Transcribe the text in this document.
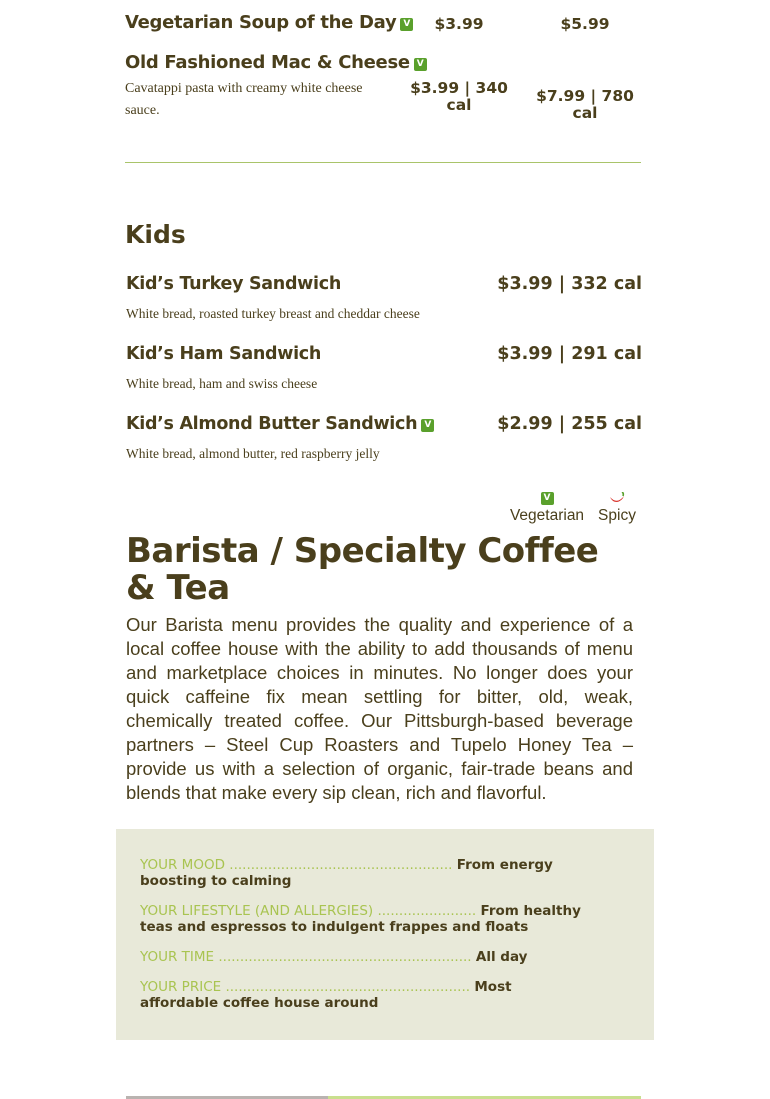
Vegetarian Soup of the Day V	$3.99	$5.99
Old Fashioned Mac & Cheese V
Cavatappi pasta with creamy white cheese sauce.
$3.99 | 340 cal	$7.99 | 780 cal
Kids
Kid’s Turkey Sandwich	$3.99 | 332 cal
White bread, roasted turkey breast and cheddar cheese
Kid’s Ham Sandwich	$3.99 | 291 cal
White bread, ham and swiss cheese
Kid’s Almond Butter Sandwich V	$2.99 | 255 cal
White bread, almond butter, red raspberry jelly
V
Vegetarian Spicy
Barista / Specialty Coffee & Tea
Our Barista menu provides the quality and experience of a local coffee house with the ability to add thousands of menu and marketplace choices in minutes. No longer does your quick caffeine fix mean settling for bitter, old, weak, chemically treated coffee. Our Pittsburgh-based beverage partners – Steel Cup Roasters and Tupelo Honey Tea – provide us with a selection of organic, fair-trade beans and blends that make every sip clean, rich and flavorful.
YOUR MOOD .................................................... From energy boosting to calming
YOUR LIFESTYLE (AND ALLERGIES) ....................... From healthy teas and espressos to indulgent frappes and floats
YOUR TIME ........................................................... All day
YOUR PRICE ......................................................... Most affordable coffee house around
